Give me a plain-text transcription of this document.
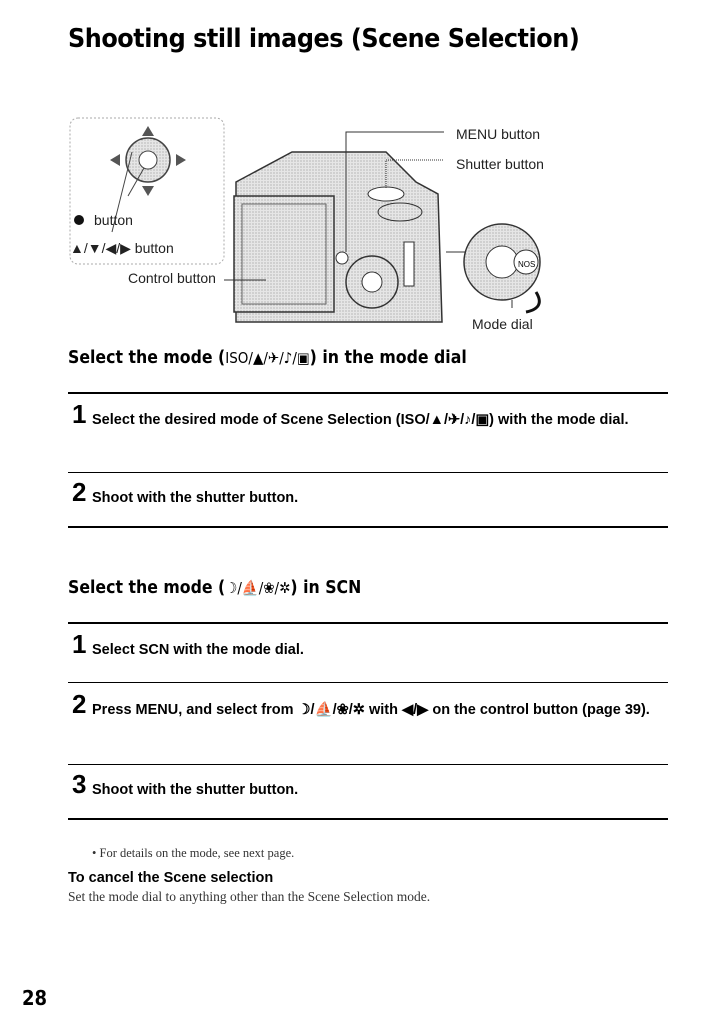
Shooting still images (Scene Selection)
NOS
MENU button
Shutter button
button
▲/▼/◀/▶ button
Control button
Mode dial
Select the mode (ISO/▲/✈/♪/▣) in the mode dial
1 Select the desired mode of Scene Selection (ISO/▲/✈/♪/▣) with the mode dial.
2 Shoot with the shutter button.
Select the mode (☽/⛵/❀/✲) in SCN
1 Select SCN with the mode dial.
2 Press MENU, and select from ☽/⛵/❀/✲ with ◀/▶ on the control button (page 39).
3 Shoot with the shutter button.
• For details on the mode, see next page.
To cancel the Scene selection
Set the mode dial to anything other than the Scene Selection mode.
28
